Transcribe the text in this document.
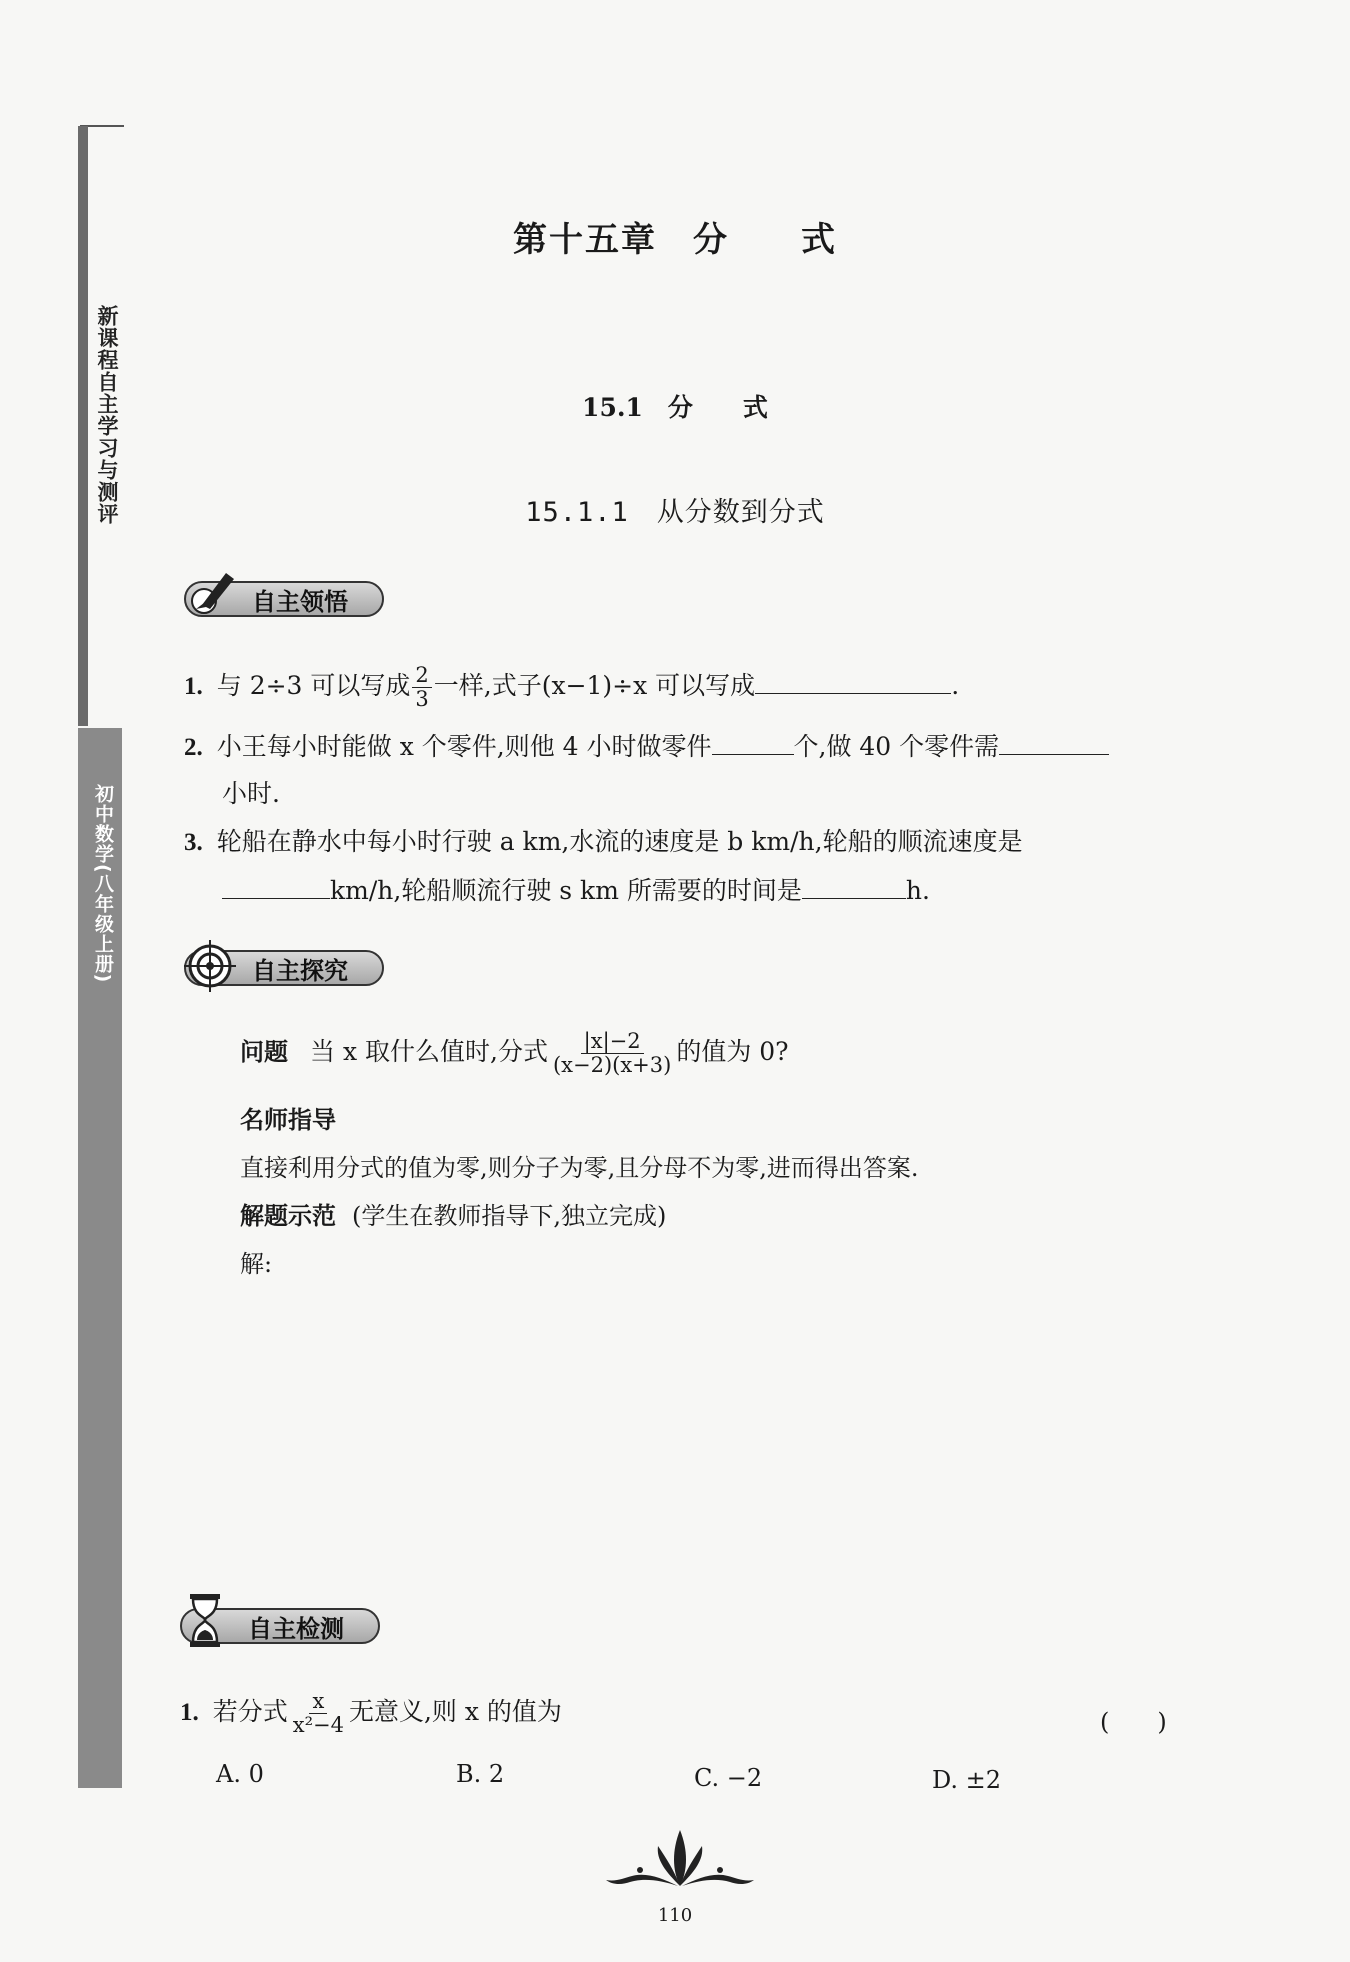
新课程自主学习与测评
初中数学(八年级上册)
第十五章　分　　式
15.1　分　　式
15.1.1　从分数到分式
自主领悟
1. 与 2÷3 可以写成 $\frac{2}{3}$ 一样,式子(x−1)÷x 可以写成	.
2. 小王每小时能做 x 个零件,则他 4 小时做零件	个,做 40 个零件需
小时.
3. 轮船在静水中每小时行驶 a km,水流的速度是 b km/h,轮船的顺流速度是
km/h,轮船顺流行驶 s km 所需要的时间是	h.
自主探究
问题 当 x 取什么值时,分式 $\frac{|x|-2}{(x-2)(x+3)}$ 的值为 0?
名师指导
直接利用分式的值为零,则分子为零,且分母不为零,进而得出答案.
解题示范 (学生在教师指导下,独立完成)
解:
自主检测
1. 若分式 $\frac{x}{\text{x²−4}}$ 无意义,则 x 的值为	(　　)
A. 0	B. 2	C. −2	D. ±2
110
